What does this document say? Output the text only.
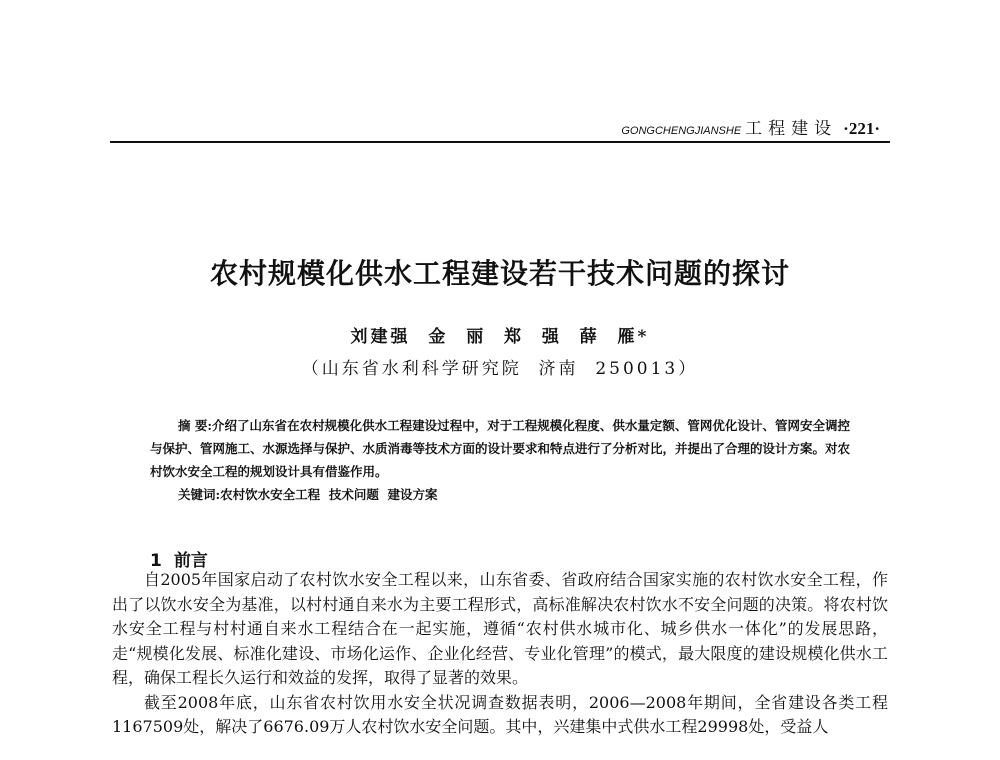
GONGCHENGJIANSHE 工程建设 ·221·
农村规模化供水工程建设若干技术问题的探讨
刘建强  金  丽  郑  强  薛  雁*
（山东省水利科学研究院  济南  250013）

摘 要:介绍了山东省在农村规模化供水工程建设过程中，对于工程规模化程度、供水量定额、管网优化设计、管网安全调控与保护、管网施工、水源选择与保护、水质消毒等技术方面的设计要求和特点进行了分析对比，并提出了合理的设计方案。对农村饮水安全工程的规划设计具有借鉴作用。

关键词:农村饮水安全工程  技术问题  建设方案

1 前言

自2005年国家启动了农村饮水安全工程以来，山东省委、省政府结合国家实施的农村饮水安全工程，作出了以饮水安全为基准，以村村通自来水为主要工程形式，高标准解决农村饮水不安全问题的决策。将农村饮水安全工程与村村通自来水工程结合在一起实施，遵循“农村供水城市化、城乡供水一体化”的发展思路，走“规模化发展、标准化建设、市场化运作、企业化经营、专业化管理”的模式，最大限度的建设规模化供水工程，确保工程长久运行和效益的发挥，取得了显著的效果。

截至2008年底，山东省农村饮用水安全状况调查数据表明，2006—2008年期间，全省建设各类工程1167509处，解决了6676.09万人农村饮水安全问题。其中，兴建集中式供水工程29998处，受益人
